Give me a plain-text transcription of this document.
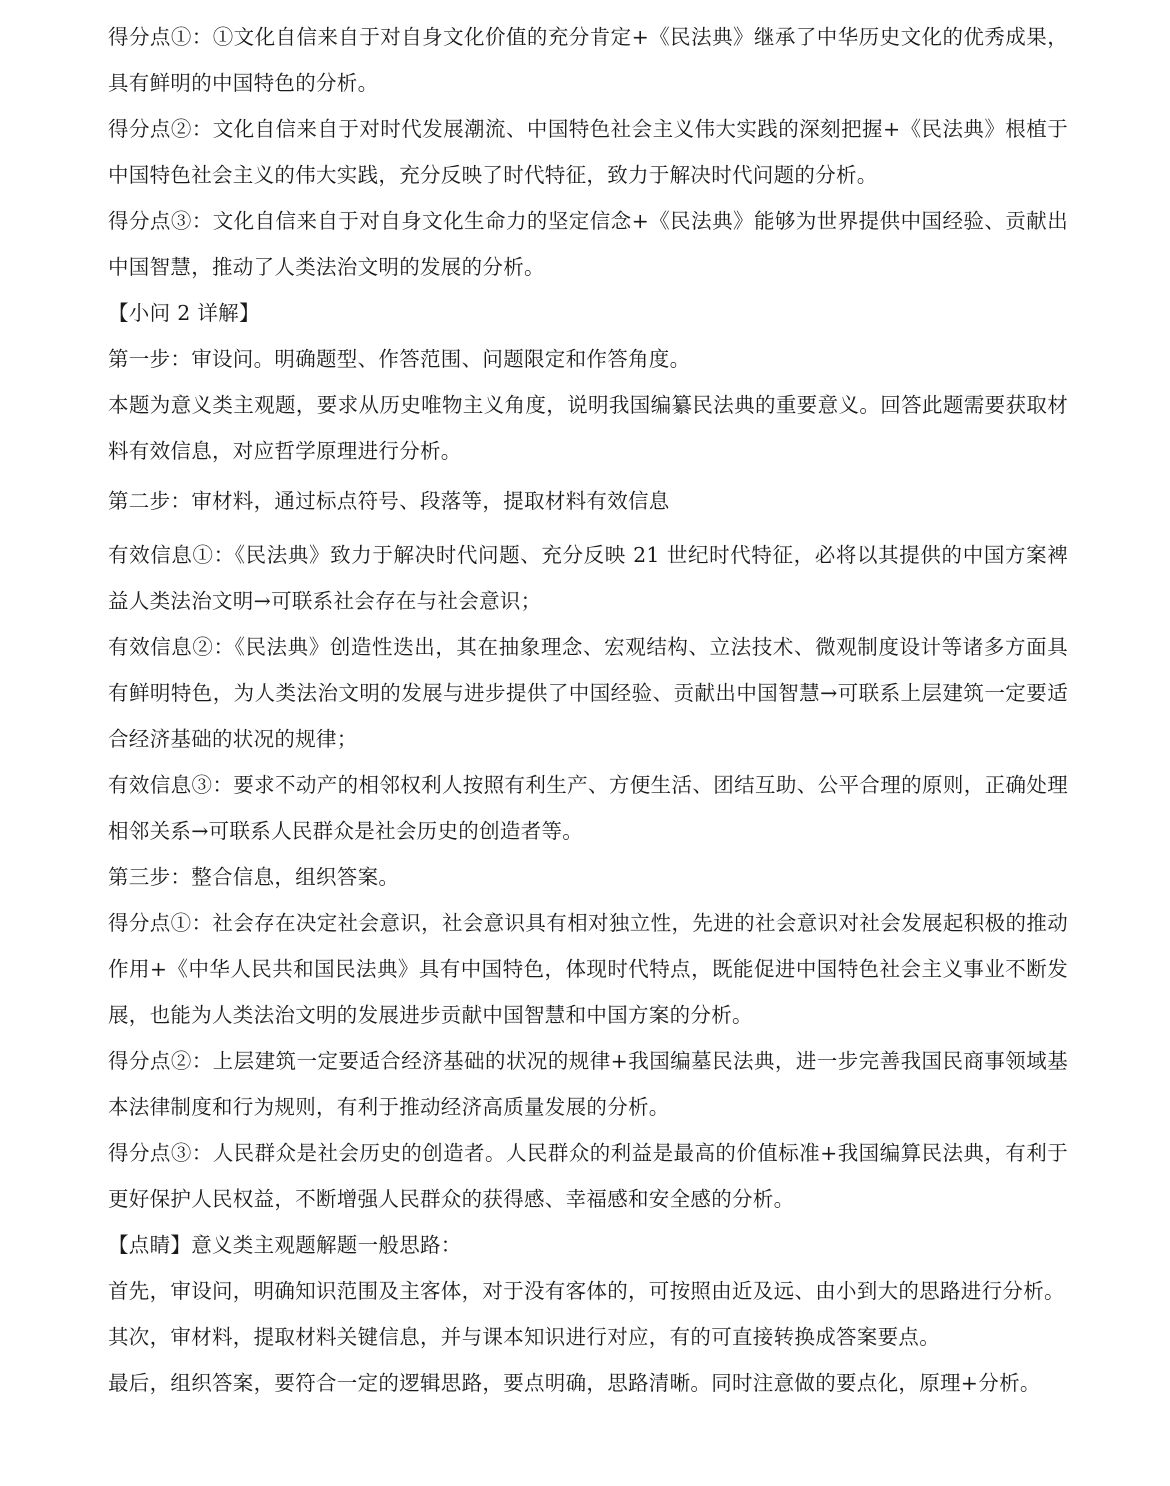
得分点①：①文化自信来自于对自身文化价值的充分肯定+《民法典》继承了中华历史文化的优秀成果，具有鲜明的中国特色的分析。

得分点②：文化自信来自于对时代发展潮流、中国特色社会主义伟大实践的深刻把握+《民法典》根植于中国特色社会主义的伟大实践，充分反映了时代特征，致力于解决时代问题的分析。

得分点③：文化自信来自于对自身文化生命力的坚定信念+《民法典》能够为世界提供中国经验、贡献出中国智慧，推动了人类法治文明的发展的分析。

【小问 2 详解】

第一步：审设问。明确题型、作答范围、问题限定和作答角度。

本题为意义类主观题，要求从历史唯物主义角度，说明我国编纂民法典的重要意义。回答此题需要获取材料有效信息，对应哲学原理进行分析。

第二步：审材料，通过标点符号、段落等，提取材料有效信息

有效信息①：《民法典》致力于解决时代问题、充分反映 21 世纪时代特征，必将以其提供的中国方案裨益人类法治文明→可联系社会存在与社会意识；

有效信息②：《民法典》创造性迭出，其在抽象理念、宏观结构、立法技术、微观制度设计等诸多方面具有鲜明特色，为人类法治文明的发展与进步提供了中国经验、贡献出中国智慧→可联系上层建筑一定要适合经济基础的状况的规律；

有效信息③：要求不动产的相邻权利人按照有利生产、方便生活、团结互助、公平合理的原则，正确处理相邻关系→可联系人民群众是社会历史的创造者等。

第三步：整合信息，组织答案。

得分点①：社会存在决定社会意识，社会意识具有相对独立性，先进的社会意识对社会发展起积极的推动作用+《中华人民共和国民法典》具有中国特色，体现时代特点，既能促进中国特色社会主义事业不断发展，也能为人类法治文明的发展进步贡献中国智慧和中国方案的分析。

得分点②：上层建筑一定要适合经济基础的状况的规律+我国编墓民法典，进一步完善我国民商事领域基本法律制度和行为规则，有利于推动经济高质量发展的分析。

得分点③：人民群众是社会历史的创造者。人民群众的利益是最高的价值标准+我国编算民法典，有利于更好保护人民权益，不断增强人民群众的获得感、幸福感和安全感的分析。

【点睛】意义类主观题解题一般思路：

首先，审设问，明确知识范围及主客体，对于没有客体的，可按照由近及远、由小到大的思路进行分析。

其次，审材料，提取材料关键信息，并与课本知识进行对应，有的可直接转换成答案要点。

最后，组织答案，要符合一定的逻辑思路，要点明确，思路清晰。同时注意做的要点化，原理+分析。
